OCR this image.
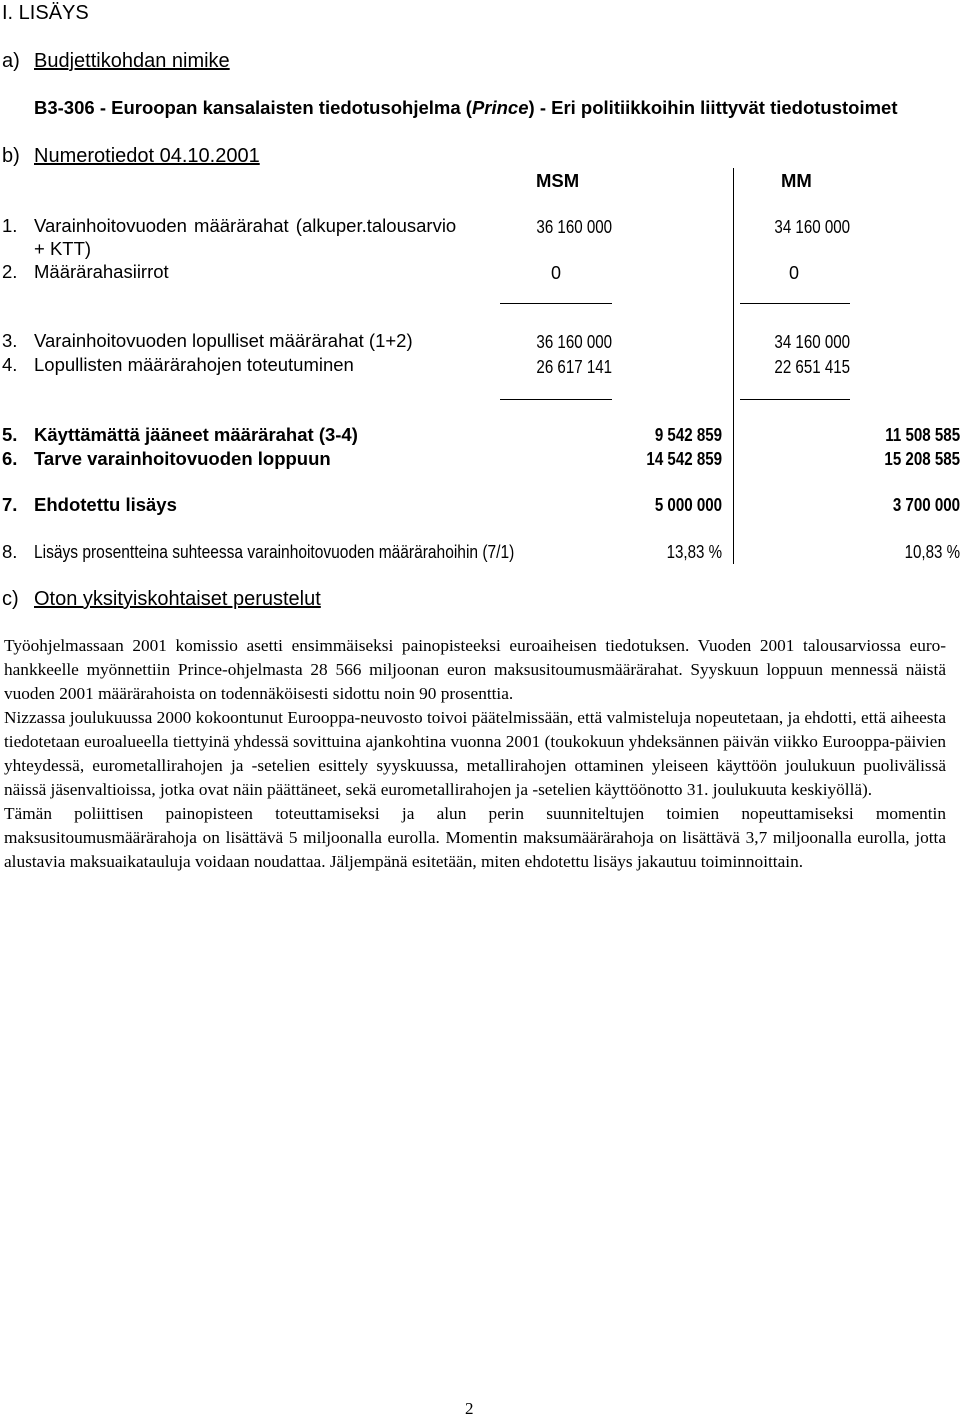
I. LISÄYS
a) Budjettikohdan nimike
B3-306 - Euroopan kansalaisten tiedotusohjelma (Prince) - Eri politiikkoihin liittyvät tiedotustoimet
b) Numerotiedot 04.10.2001
MSM	MM
1. Varainhoitovuoden määrärahat (alkuper.talousarvio
+ KTT)
36 160 000	34 160 000
2. Määrärahasiirrot	0	0
3. Varainhoitovuoden lopulliset määrärahat (1+2)	36 160 000	34 160 000
4. Lopullisten määrärahojen toteutuminen	26 617 141	22 651 415
5. Käyttämättä jääneet määrärahat (3-4)	9 542 859	11 508 585
6. Tarve varainhoitovuoden loppuun	14 542 859	15 208 585
7. Ehdotettu lisäys	5 000 000	3 700 000
8. Lisäys prosentteina suhteessa varainhoitovuoden määrärahoihin (7/1)	13,83 %	10,83 %
c) Oton yksityiskohtaiset perustelut

Työohjelmassaan 2001 komissio asetti ensimmäiseksi painopisteeksi euroaiheisen tiedotuksen. Vuoden 2001 talousarviossa euro-hankkeelle myönnettiin Prince-ohjelmasta 28 566 miljoonan euron maksusitoumusmäärärahat. Syyskuun loppuun mennessä näistä vuoden 2001 määrärahoista on todennäköisesti sidottu noin 90 prosenttia.

Nizzassa joulukuussa 2000 kokoontunut Eurooppa-neuvosto toivoi päätelmissään, että valmisteluja nopeutetaan, ja ehdotti, että aiheesta tiedotetaan euroalueella tiettyinä yhdessä sovittuina ajankohtina vuonna 2001 (toukokuun yhdeksännen päivän viikko Eurooppa-päivien yhteydessä, eurometallirahojen ja -setelien esittely syyskuussa, metallirahojen ottaminen yleiseen käyttöön joulukuun puolivälissä näissä jäsenvaltioissa, jotka ovat näin päättäneet, sekä eurometallirahojen ja -setelien käyttöönotto 31. joulukuuta keskiyöllä).

Tämän poliittisen painopisteen toteuttamiseksi ja alun perin suunniteltujen toimien nopeuttamiseksi momentin maksusitoumusmäärärahoja on lisättävä 5 miljoonalla eurolla. Momentin maksumäärärahoja on lisättävä 3,7 miljoonalla eurolla, jotta alustavia maksuaikatauluja voidaan noudattaa. Jäljempänä esitetään, miten ehdotettu lisäys jakautuu toiminnoittain.

2
